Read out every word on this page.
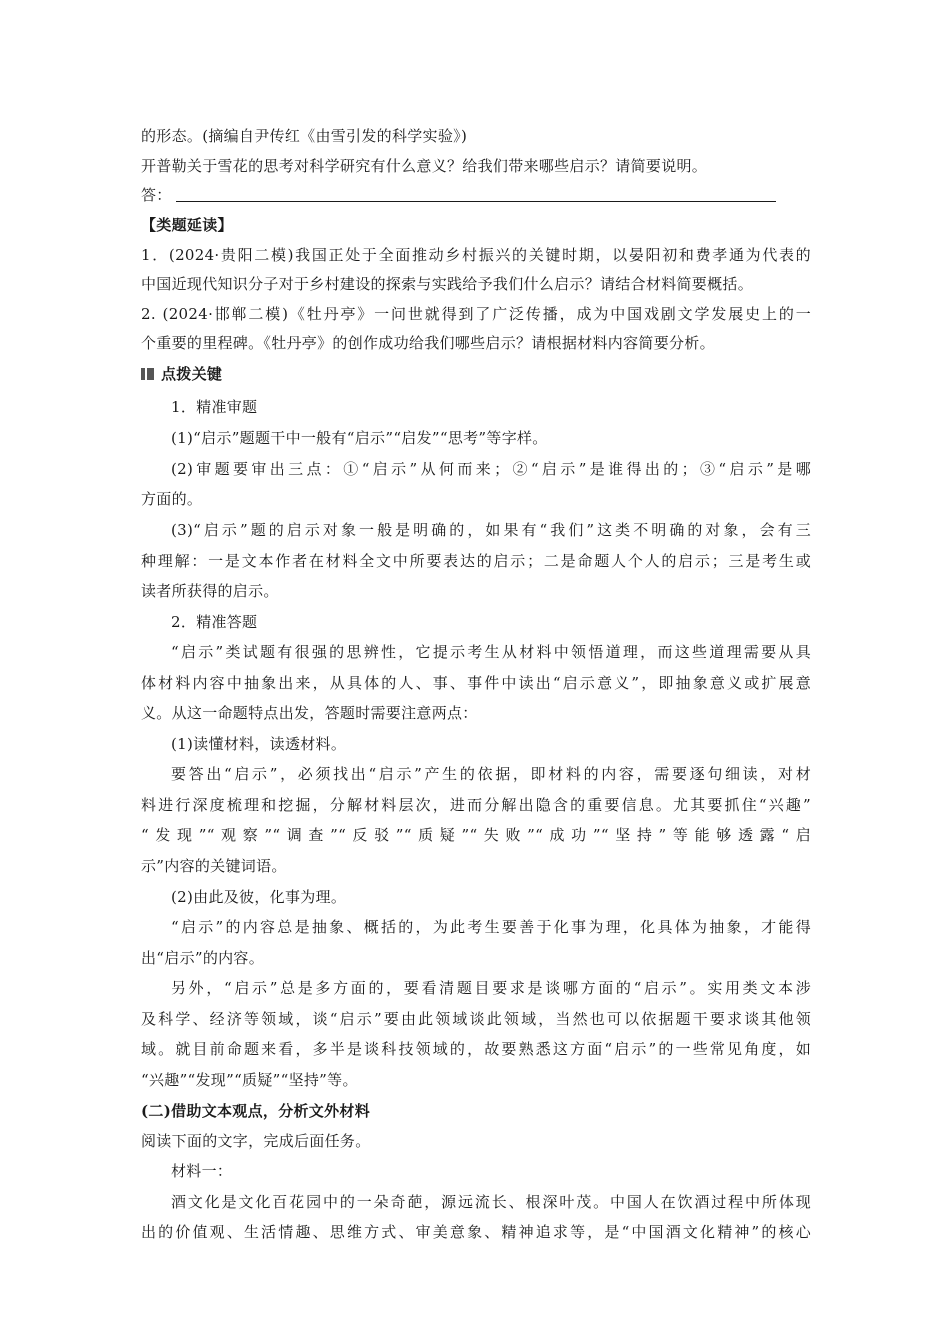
的形态。(摘编自尹传红《由雪引发的科学实验》)
开普勒关于雪花的思考对科学研究有什么意义？给我们带来哪些启示？请简要说明。
答：
【类题延读】
1．(2024·贵阳二模)我国正处于全面推动乡村振兴的关键时期，以晏阳初和费孝通为代表的
中国近现代知识分子对于乡村建设的探索与实践给予我们什么启示？请结合材料简要概括。
2. (2024·邯郸二模)《牡丹亭》一问世就得到了广泛传播，成为中国戏剧文学发展史上的一
个重要的里程碑。《牡丹亭》的创作成功给我们哪些启示？请根据材料内容简要分析。
点拨关键
1．精准审题
(1)“启示”题题干中一般有“启示”“启发”“思考”等字样。
(2)审题要审出三点：①“启示”从何而来；②“启示”是谁得出的；③“启示”是哪
方面的。
(3)“启示”题的启示对象一般是明确的，如果有“我们”这类不明确的对象，会有三
种理解：一是文本作者在材料全文中所要表达的启示；二是命题人个人的启示；三是考生或
读者所获得的启示。
2．精准答题
“启示”类试题有很强的思辨性，它提示考生从材料中领悟道理，而这些道理需要从具
体材料内容中抽象出来，从具体的人、事、事件中读出“启示意义”，即抽象意义或扩展意
义。从这一命题特点出发，答题时需要注意两点：
(1)读懂材料，读透材料。
要答出“启示”，必须找出“启示”产生的依据，即材料的内容，需要逐句细读，对材
料进行深度梳理和挖掘，分解材料层次，进而分解出隐含的重要信息。尤其要抓住“兴趣”
“发现”“观察”“调查”“反驳”“质疑”“失败”“成功”“坚持”等能够透露“启
示”内容的关键词语。
(2)由此及彼，化事为理。
“启示”的内容总是抽象、概括的，为此考生要善于化事为理，化具体为抽象，才能得
出“启示”的内容。
另外，“启示”总是多方面的，要看清题目要求是谈哪方面的“启示”。实用类文本涉
及科学、经济等领域，谈“启示”要由此领域谈此领域，当然也可以依据题干要求谈其他领
域。就目前命题来看，多半是谈科技领域的，故要熟悉这方面“启示”的一些常见角度，如
“兴趣”“发现”“质疑”“坚持”等。
(二)借助文本观点，分析文外材料
阅读下面的文字，完成后面任务。
材料一：
酒文化是文化百花园中的一朵奇葩，源远流长、根深叶茂。中国人在饮酒过程中所体现
出的价值观、生活情趣、思维方式、审美意象、精神追求等，是“中国酒文化精神”的核心
